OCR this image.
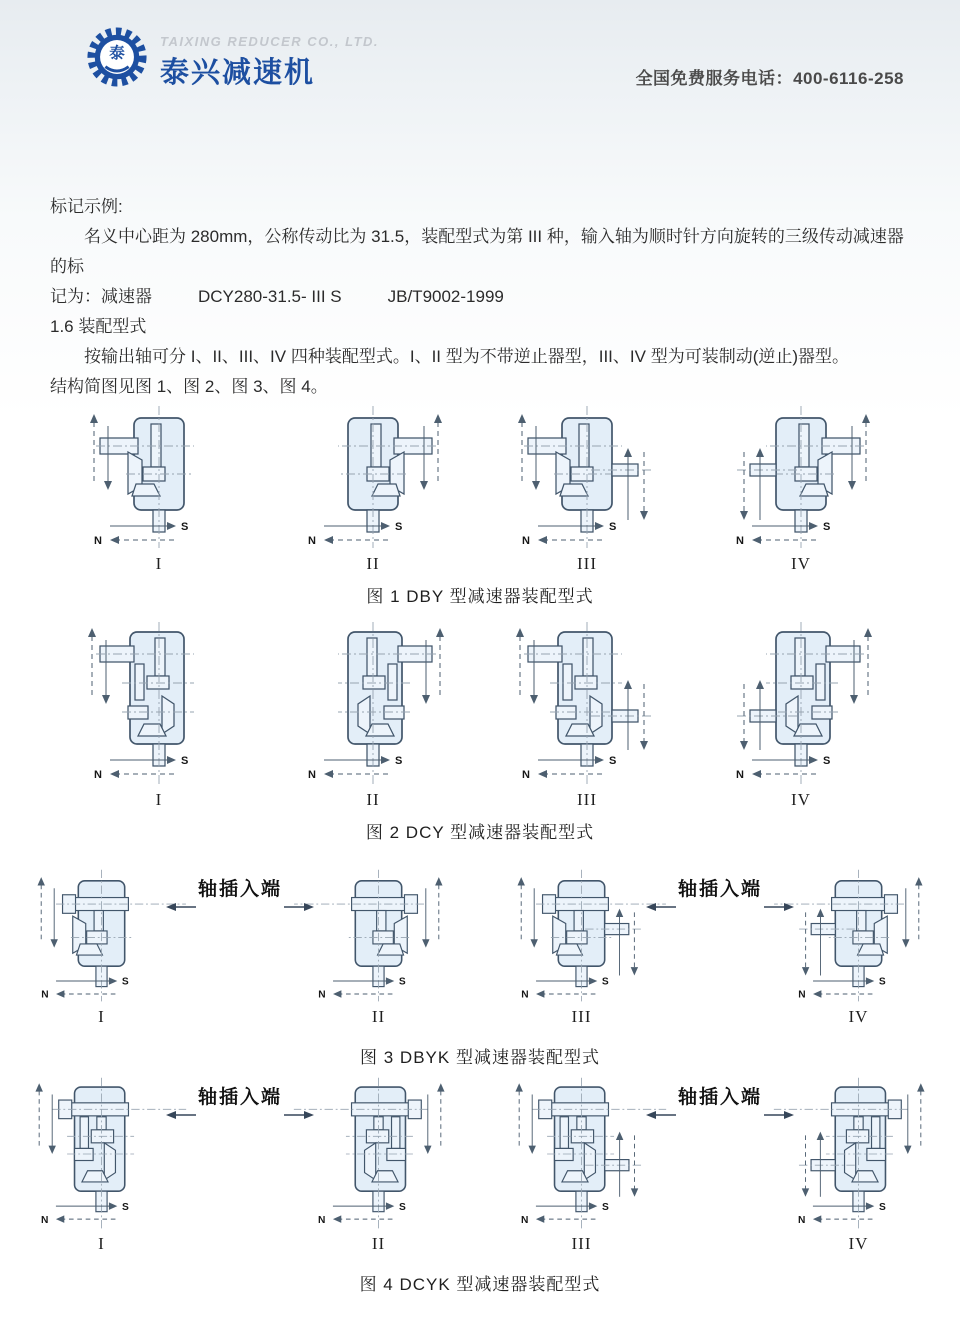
泰
TAIXING REDUCER CO., LTD.
泰兴减速机	全国免费服务电话：400-6116-258

标记示例:

名义中心距为 280mm，公称传动比为 31.5，装配型式为第 III 种，输入轴为顺时针方向旋转的三级传动减速器的标

记为：减速器	DCY280-31.5- III S	JB/T9002-1999

1.6 装配型式

按输出轴可分 I、II、III、IV 四种装配型式。I、II 型为不带逆止器型，III、IV 型为可装制动(逆止)器型。

结构简图见图 1、图 2、图 3、图 4。

S
N
I
S
N
II
S
N
III
S
N
IV
图 1 DBY 型减速器装配型式
S
N
I
S
N
II
S
N
III
S
N
IV
图 2 DCY 型减速器装配型式
S
N
I
轴插入端
S
N
II
S
N
III
轴插入端
S
N
IV
图 3 DBYK 型减速器装配型式
S
N
I
轴插入端
S
N
II
S
N
III
轴插入端
S
N
IV
图 4 DCYK 型减速器装配型式
